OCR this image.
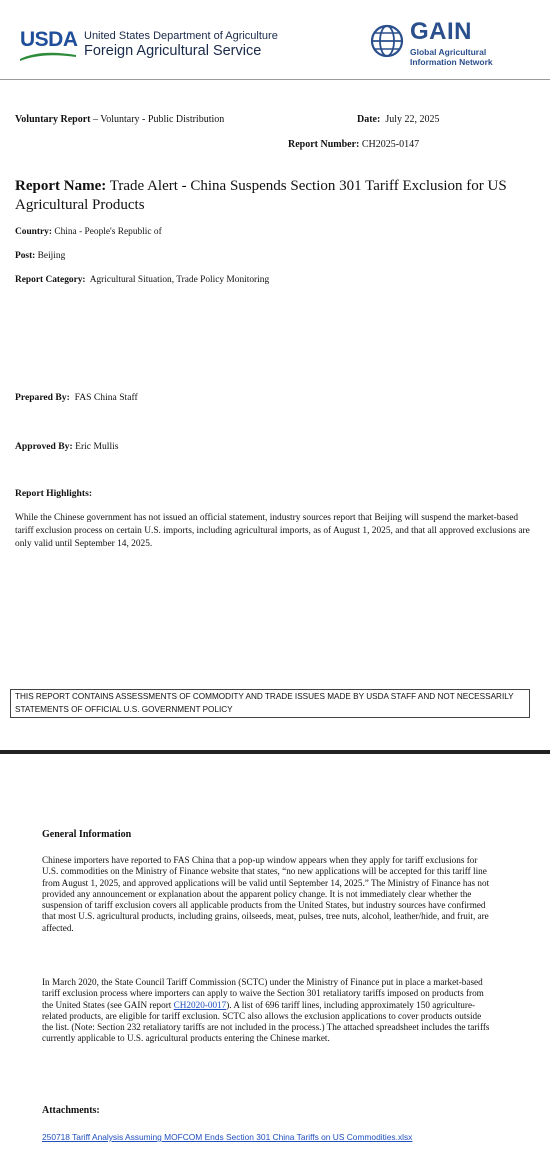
USDA United States Department of Agriculture
Foreign Agricultural Service
GAIN
Global Agricultural
Information Network
Voluntary Report – Voluntary - Public Distribution	Date: July 22, 2025
Report Number: CH2025-0147
Report Name: Trade Alert - China Suspends Section 301 Tariff Exclusion for US Agricultural Products
Country: China - People's Republic of
Post: Beijing
Report Category: Agricultural Situation, Trade Policy Monitoring
Prepared By: FAS China Staff
Approved By: Eric Mullis
Report Highlights:
While the Chinese government has not issued an official statement, industry sources report that Beijing will suspend the market-based tariff exclusion process on certain U.S. imports, including agricultural imports, as of August 1, 2025, and that all approved exclusions are only valid until September 14, 2025.
THIS REPORT CONTAINS ASSESSMENTS OF COMMODITY AND TRADE ISSUES MADE BY USDA STAFF AND NOT NECESSARILY STATEMENTS OF OFFICIAL U.S. GOVERNMENT POLICY
General Information
Chinese importers have reported to FAS China that a pop-up window appears when they apply for tariff exclusions for U.S. commodities on the Ministry of Finance website that states, “no new applications will be accepted for this tariff line from August 1, 2025, and approved applications will be valid until September 14, 2025.” The Ministry of Finance has not provided any announcement or explanation about the apparent policy change. It is not immediately clear whether the suspension of tariff exclusion covers all applicable products from the United States, but industry sources have confirmed that most U.S. agricultural products, including grains, oilseeds, meat, pulses, tree nuts, alcohol, leather/hide, and fruit, are affected.
In March 2020, the State Council Tariff Commission (SCTC) under the Ministry of Finance put in place a market-based tariff exclusion process where importers can apply to waive the Section 301 retaliatory tariffs imposed on products from the United States (see GAIN report CH2020-0017). A list of 696 tariff lines, including approximately 150 agriculture-related products, are eligible for tariff exclusion. SCTC also allows the exclusion applications to cover products outside the list. (Note: Section 232 retaliatory tariffs are not included in the process.) The attached spreadsheet includes the tariffs currently applicable to U.S. agricultural products entering the Chinese market.
Attachments:
250718 Tariff Analysis Assuming MOFCOM Ends Section 301 China Tariffs on US Commodities.xlsx
